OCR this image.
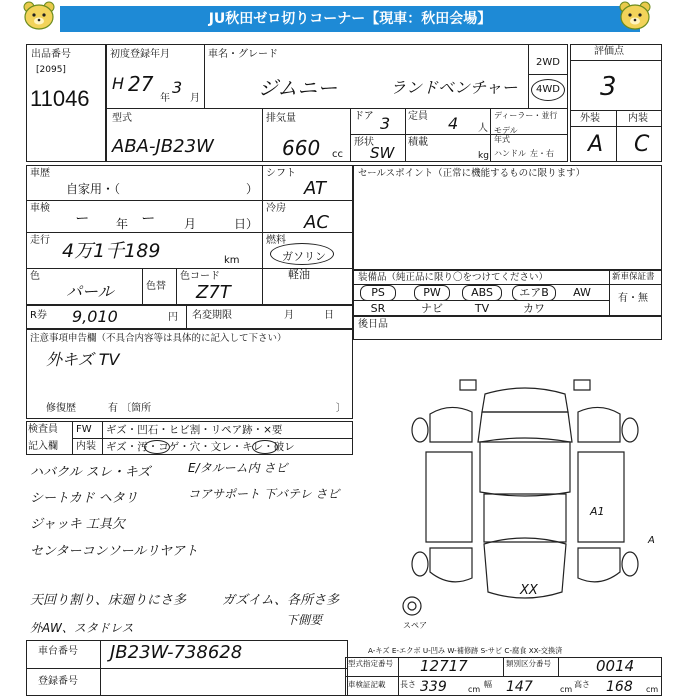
JU秋田ゼロ切りコーナー【現車：秋田会場】
出品番号
[2095]
11046
初度登録年月
H 27
年
3
月
車名・グレード
ジムニー	ランドベンチャー
2WD
4WD
型式
ABA-JB23W
排気量
660 cc
ドア 3 定員 4 人
形状
SW
積載
kg
ディーラー・並行
モデル年式
ハンドル 左・右
評価点
3
外装	内装
A C
車歴
自家用・（	）
シフト
AT
車検
ー 年 ー	月	日）
冷房
AC
走行 4万1千189	km
燃料
ガソリン
軽油
色
パール	色替
色コード
Z7T
R券 9,010	円 名変期限	月	日
注意事項申告欄（不具合内容等は具体的に記入して下さい）
外キズ TV
修復歴	有 〔箇所	〕
検査員
記入欄
FW ギズ・凹石・ヒビ割・リペア跡・×要
内装 ギズ・汚・コゲ・穴・文レ・キレ・破レ
ハバクル スレ・キズ
シートカド ヘタリ
ジャッキ 工具欠
センターコンソールリヤアト
天回り割り、床廻りにさ多
外AW、スタドレス
E/タルーム内 さビ
コアサポート 下バテレ さビ
ガズイム、各所さ多
下側要
セールスポイント（正常に機能するものに限ります）
装備品（純正品に限り〇をつけてください）	新車保証書
有・無
PS	PW	ABS	エアB	AW
SR	ナビ	TV	カワ
後日品
スペア
A1
A
XX
A-キズ E-エクボ U-凹み W-補修跡 S-サビ C-腐食 XX-交換済
車台番号 JB23W-738628
登録番号
型式指定番号 12717	類別区分番号	0014
車検証記載 長さ 339	cm
幅 147	cm
高さ 168 cm
